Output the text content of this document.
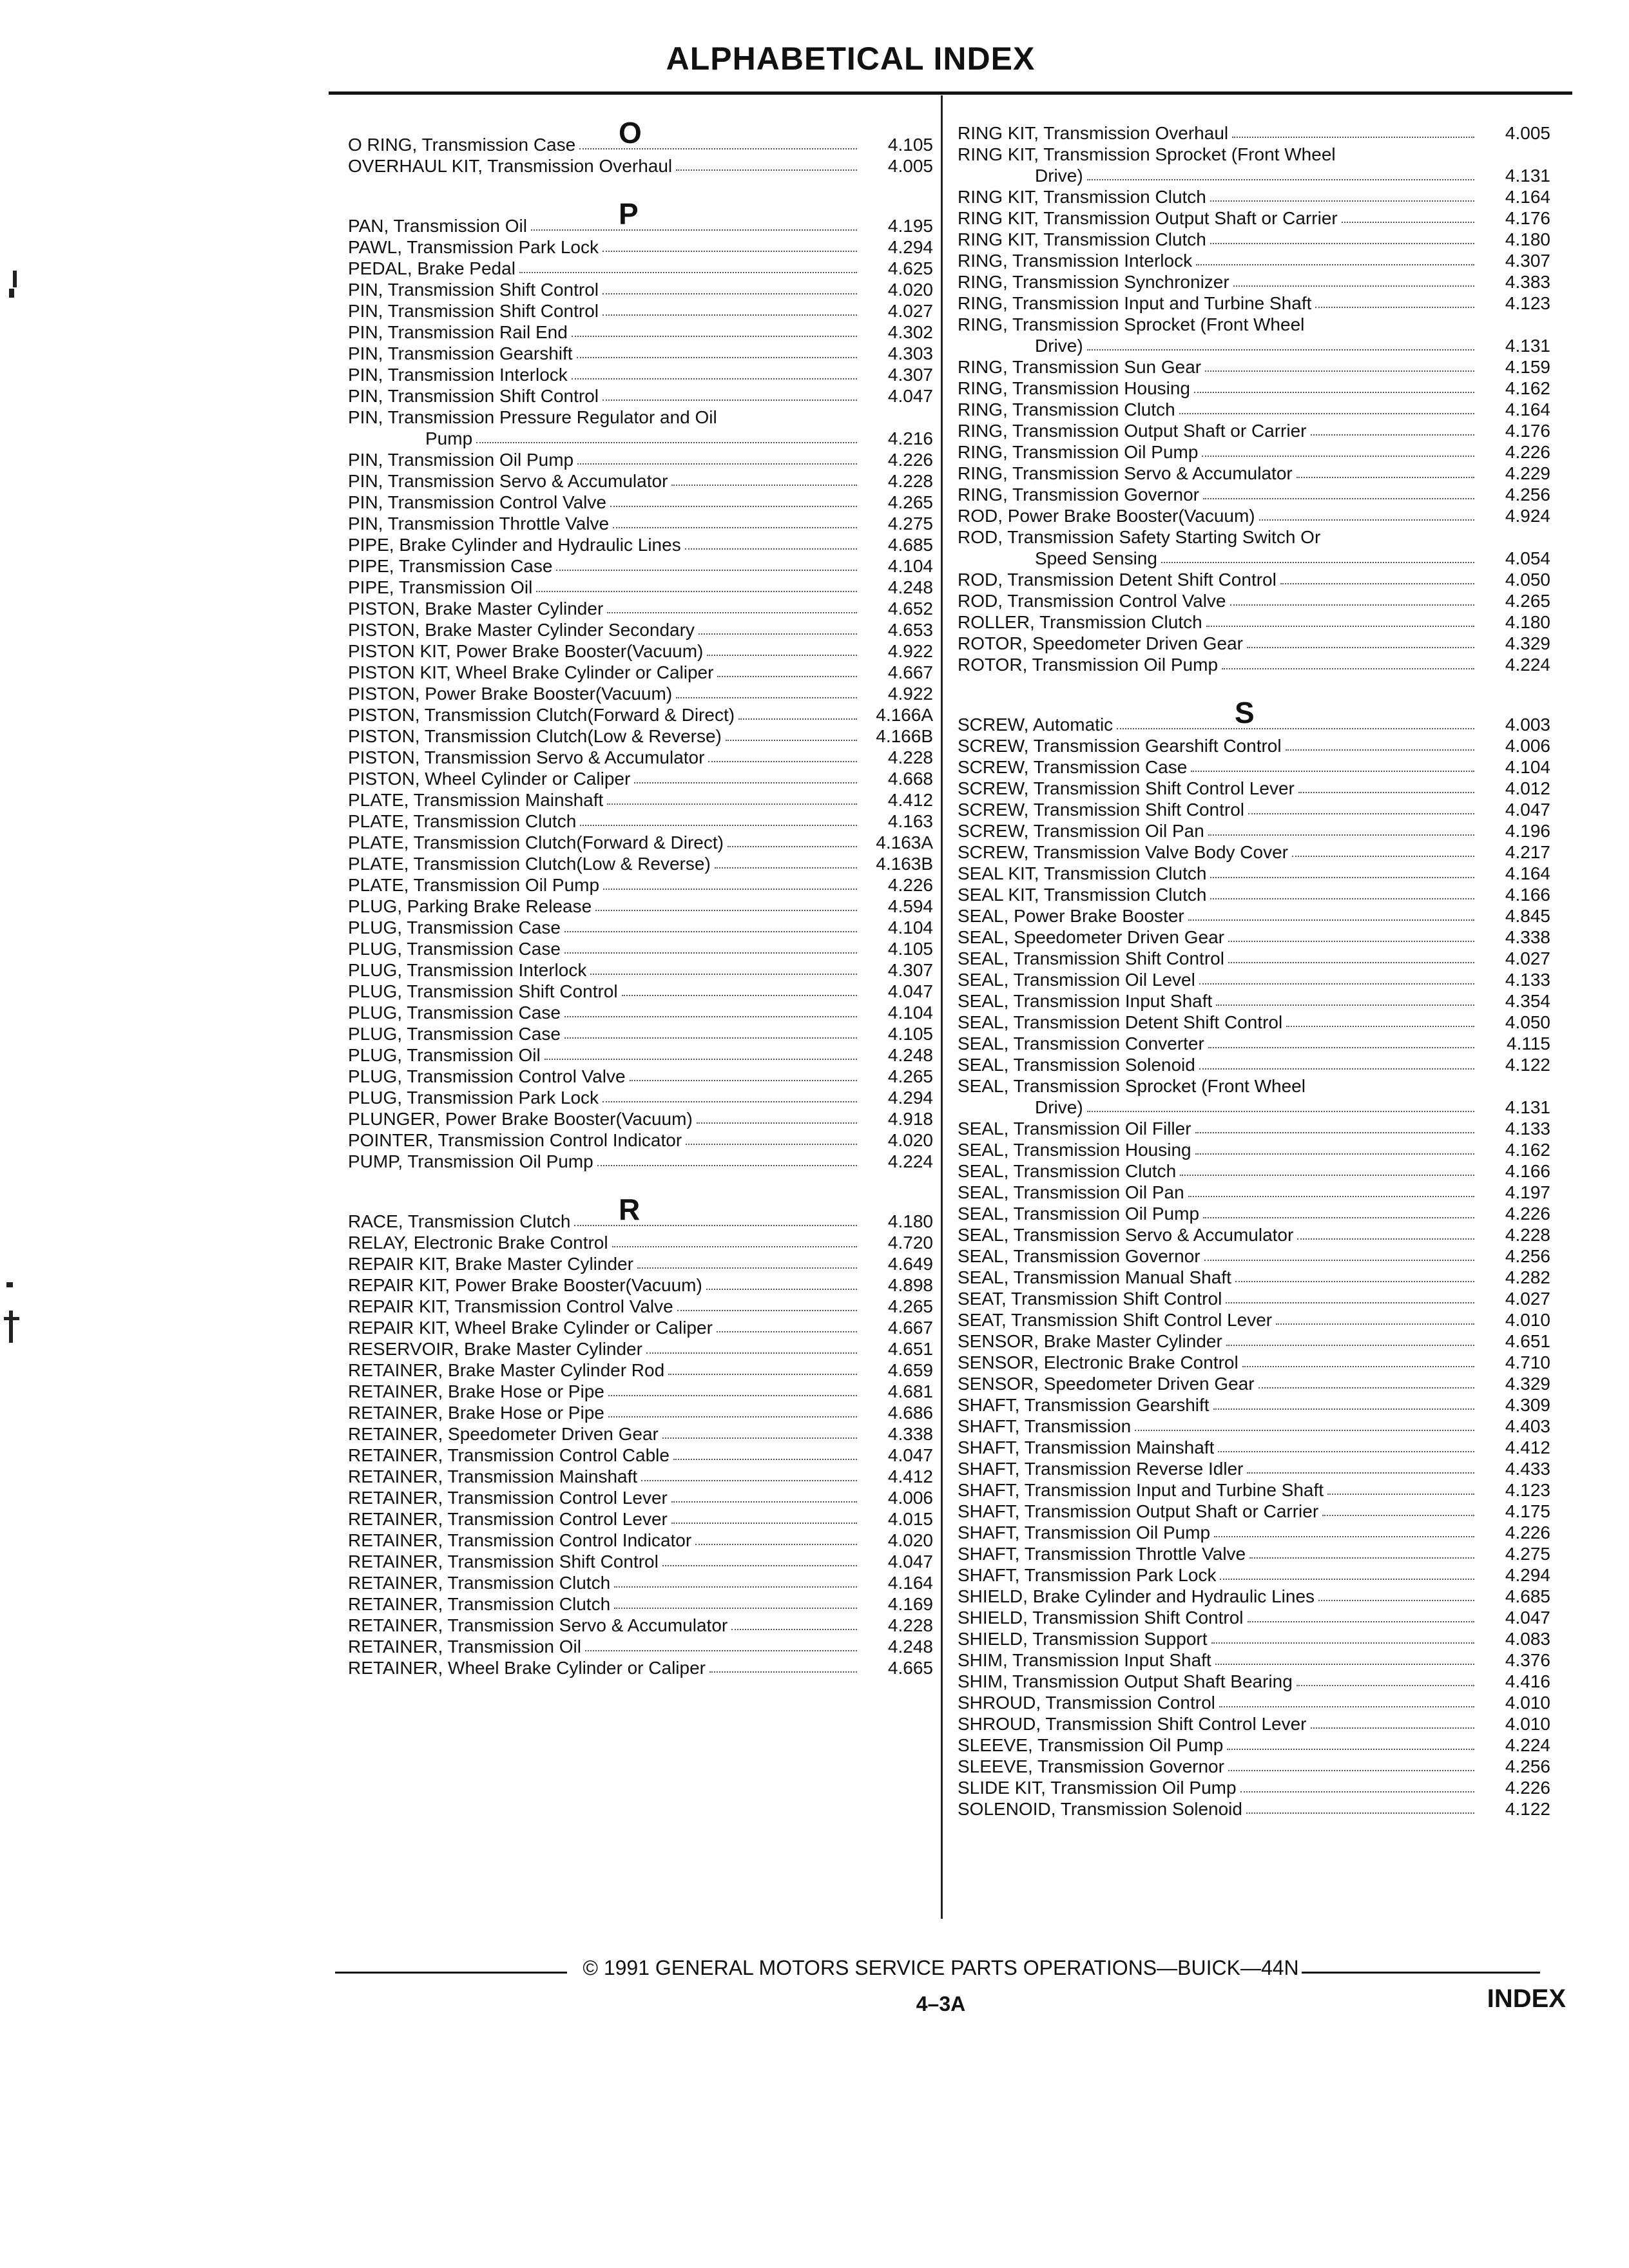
ALPHABETICAL INDEX
O
O RING, Transmission Case	4.105
OVERHAUL KIT, Transmission Overhaul	4.005
P
PAN, Transmission Oil	4.195
PAWL, Transmission Park Lock	4.294
PEDAL, Brake Pedal	4.625
PIN, Transmission Shift Control	4.020
PIN, Transmission Shift Control	4.027
PIN, Transmission Rail End	4.302
PIN, Transmission Gearshift	4.303
PIN, Transmission Interlock	4.307
PIN, Transmission Shift Control	4.047
PIN, Transmission Pressure Regulator and Oil
Pump	4.216
PIN, Transmission Oil Pump	4.226
PIN, Transmission Servo & Accumulator	4.228
PIN, Transmission Control Valve	4.265
PIN, Transmission Throttle Valve	4.275
PIPE, Brake Cylinder and Hydraulic Lines	4.685
PIPE, Transmission Case	4.104
PIPE, Transmission Oil	4.248
PISTON, Brake Master Cylinder	4.652
PISTON, Brake Master Cylinder Secondary	4.653
PISTON KIT, Power Brake Booster(Vacuum)	4.922
PISTON KIT, Wheel Brake Cylinder or Caliper	4.667
PISTON, Power Brake Booster(Vacuum)	4.922
PISTON, Transmission Clutch(Forward & Direct)	4.166A
PISTON, Transmission Clutch(Low & Reverse)	4.166B
PISTON, Transmission Servo & Accumulator	4.228
PISTON, Wheel Cylinder or Caliper	4.668
PLATE, Transmission Mainshaft	4.412
PLATE, Transmission Clutch	4.163
PLATE, Transmission Clutch(Forward & Direct)	4.163A
PLATE, Transmission Clutch(Low & Reverse)	4.163B
PLATE, Transmission Oil Pump	4.226
PLUG, Parking Brake Release	4.594
PLUG, Transmission Case	4.104
PLUG, Transmission Case	4.105
PLUG, Transmission Interlock	4.307
PLUG, Transmission Shift Control	4.047
PLUG, Transmission Case	4.104
PLUG, Transmission Case	4.105
PLUG, Transmission Oil	4.248
PLUG, Transmission Control Valve	4.265
PLUG, Transmission Park Lock	4.294
PLUNGER, Power Brake Booster(Vacuum)	4.918
POINTER, Transmission Control Indicator	4.020
PUMP, Transmission Oil Pump	4.224
R
RACE, Transmission Clutch	4.180
RELAY, Electronic Brake Control	4.720
REPAIR KIT, Brake Master Cylinder	4.649
REPAIR KIT, Power Brake Booster(Vacuum)	4.898
REPAIR KIT, Transmission Control Valve	4.265
REPAIR KIT, Wheel Brake Cylinder or Caliper	4.667
RESERVOIR, Brake Master Cylinder	4.651
RETAINER, Brake Master Cylinder Rod	4.659
RETAINER, Brake Hose or Pipe	4.681
RETAINER, Brake Hose or Pipe	4.686
RETAINER, Speedometer Driven Gear	4.338
RETAINER, Transmission Control Cable	4.047
RETAINER, Transmission Mainshaft	4.412
RETAINER, Transmission Control Lever	4.006
RETAINER, Transmission Control Lever	4.015
RETAINER, Transmission Control Indicator	4.020
RETAINER, Transmission Shift Control	4.047
RETAINER, Transmission Clutch	4.164
RETAINER, Transmission Clutch	4.169
RETAINER, Transmission Servo & Accumulator	4.228
RETAINER, Transmission Oil	4.248
RETAINER, Wheel Brake Cylinder or Caliper	4.665
RING KIT, Transmission Overhaul	4.005
RING KIT, Transmission Sprocket (Front Wheel
Drive)	4.131
RING KIT, Transmission Clutch	4.164
RING KIT, Transmission Output Shaft or Carrier	4.176
RING KIT, Transmission Clutch	4.180
RING, Transmission Interlock	4.307
RING, Transmission Synchronizer	4.383
RING, Transmission Input and Turbine Shaft	4.123
RING, Transmission Sprocket (Front Wheel
Drive)	4.131
RING, Transmission Sun Gear	4.159
RING, Transmission Housing	4.162
RING, Transmission Clutch	4.164
RING, Transmission Output Shaft or Carrier	4.176
RING, Transmission Oil Pump	4.226
RING, Transmission Servo & Accumulator	4.229
RING, Transmission Governor	4.256
ROD, Power Brake Booster(Vacuum)	4.924
ROD, Transmission Safety Starting Switch Or
Speed Sensing	4.054
ROD, Transmission Detent Shift Control	4.050
ROD, Transmission Control Valve	4.265
ROLLER, Transmission Clutch	4.180
ROTOR, Speedometer Driven Gear	4.329
ROTOR, Transmission Oil Pump	4.224
S
SCREW, Automatic	4.003
SCREW, Transmission Gearshift Control	4.006
SCREW, Transmission Case	4.104
SCREW, Transmission Shift Control Lever	4.012
SCREW, Transmission Shift Control	4.047
SCREW, Transmission Oil Pan	4.196
SCREW, Transmission Valve Body Cover	4.217
SEAL KIT, Transmission Clutch	4.164
SEAL KIT, Transmission Clutch	4.166
SEAL, Power Brake Booster	4.845
SEAL, Speedometer Driven Gear	4.338
SEAL, Transmission Shift Control	4.027
SEAL, Transmission Oil Level	4.133
SEAL, Transmission Input Shaft	4.354
SEAL, Transmission Detent Shift Control	4.050
SEAL, Transmission Converter	4.115
SEAL, Transmission Solenoid	4.122
SEAL, Transmission Sprocket (Front Wheel
Drive)	4.131
SEAL, Transmission Oil Filler	4.133
SEAL, Transmission Housing	4.162
SEAL, Transmission Clutch	4.166
SEAL, Transmission Oil Pan	4.197
SEAL, Transmission Oil Pump	4.226
SEAL, Transmission Servo & Accumulator	4.228
SEAL, Transmission Governor	4.256
SEAL, Transmission Manual Shaft	4.282
SEAT, Transmission Shift Control	4.027
SEAT, Transmission Shift Control Lever	4.010
SENSOR, Brake Master Cylinder	4.651
SENSOR, Electronic Brake Control	4.710
SENSOR, Speedometer Driven Gear	4.329
SHAFT, Transmission Gearshift	4.309
SHAFT, Transmission	4.403
SHAFT, Transmission Mainshaft	4.412
SHAFT, Transmission Reverse Idler	4.433
SHAFT, Transmission Input and Turbine Shaft	4.123
SHAFT, Transmission Output Shaft or Carrier	4.175
SHAFT, Transmission Oil Pump	4.226
SHAFT, Transmission Throttle Valve	4.275
SHAFT, Transmission Park Lock	4.294
SHIELD, Brake Cylinder and Hydraulic Lines	4.685
SHIELD, Transmission Shift Control	4.047
SHIELD, Transmission Support	4.083
SHIM, Transmission Input Shaft	4.376
SHIM, Transmission Output Shaft Bearing	4.416
SHROUD, Transmission Control	4.010
SHROUD, Transmission Shift Control Lever	4.010
SLEEVE, Transmission Oil Pump	4.224
SLEEVE, Transmission Governor	4.256
SLIDE KIT, Transmission Oil Pump	4.226
SOLENOID, Transmission Solenoid	4.122
© 1991 GENERAL MOTORS SERVICE PARTS OPERATIONS—BUICK—44N
4–3A	INDEX
